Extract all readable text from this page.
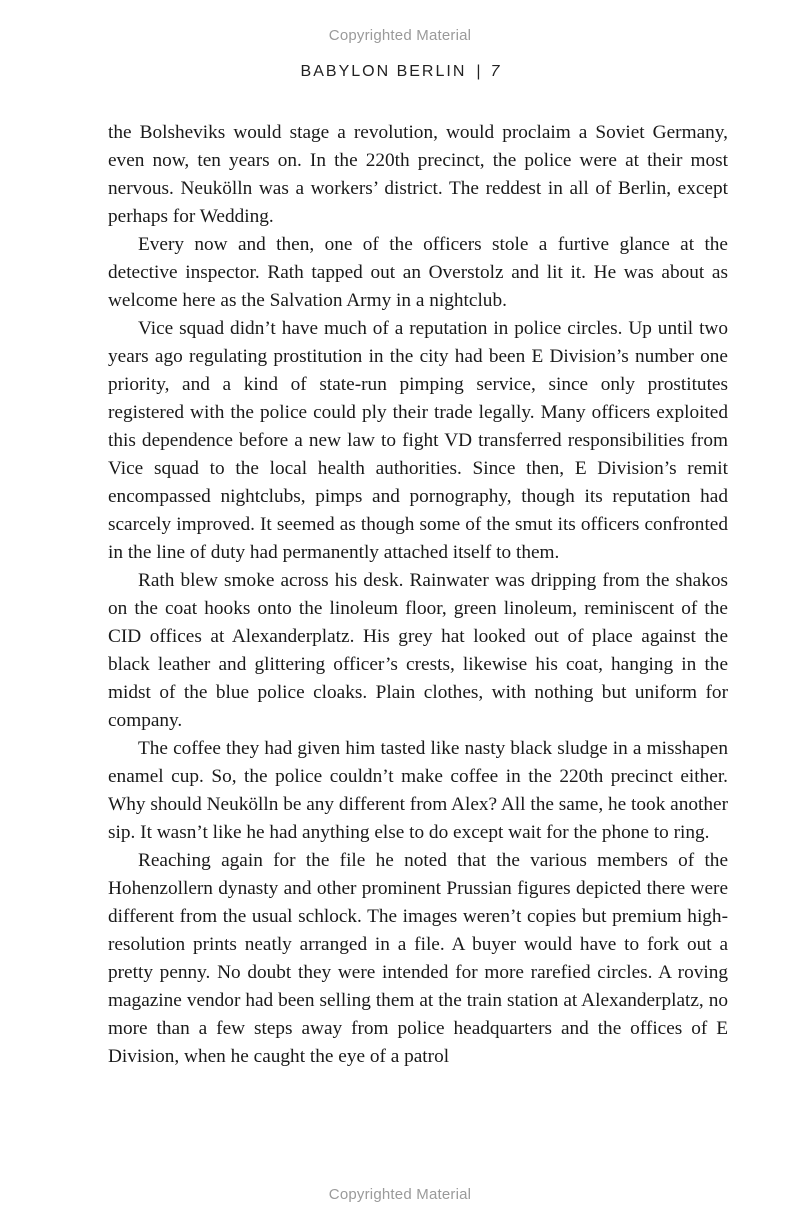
Copyrighted Material
BABYLON BERLIN | 7

the Bolsheviks would stage a revolution, would proclaim a Soviet Germany, even now, ten years on. In the 220th precinct, the police were at their most nervous. Neukölln was a workers’ district. The reddest in all of Berlin, except perhaps for Wedding.

Every now and then, one of the officers stole a furtive glance at the detective inspector. Rath tapped out an Overstolz and lit it. He was about as welcome here as the Salvation Army in a nightclub.

Vice squad didn’t have much of a reputation in police circles. Up until two years ago regulating prostitution in the city had been E Division’s number one priority, and a kind of state-run pimping service, since only prostitutes registered with the police could ply their trade legally. Many officers exploited this dependence before a new law to fight VD transferred responsibilities from Vice squad to the local health authorities. Since then, E Division’s remit encompassed nightclubs, pimps and pornography, though its reputation had scarcely improved. It seemed as though some of the smut its officers confronted in the line of duty had permanently attached itself to them.

Rath blew smoke across his desk. Rainwater was dripping from the shakos on the coat hooks onto the linoleum floor, green linoleum, reminiscent of the CID offices at Alexanderplatz. His grey hat looked out of place against the black leather and glittering officer’s crests, likewise his coat, hanging in the midst of the blue police cloaks. Plain clothes, with nothing but uniform for company.

The coffee they had given him tasted like nasty black sludge in a misshapen enamel cup. So, the police couldn’t make coffee in the 220th precinct either. Why should Neukölln be any different from Alex? All the same, he took another sip. It wasn’t like he had anything else to do except wait for the phone to ring.

Reaching again for the file he noted that the various members of the Hohenzollern dynasty and other prominent Prussian figures depicted there were different from the usual schlock. The images weren’t copies but premium high-resolution prints neatly arranged in a file. A buyer would have to fork out a pretty penny. No doubt they were intended for more rarefied circles. A roving magazine vendor had been selling them at the train station at Alexanderplatz, no more than a few steps away from police headquarters and the offices of E Division, when he caught the eye of a patrol

Copyrighted Material
